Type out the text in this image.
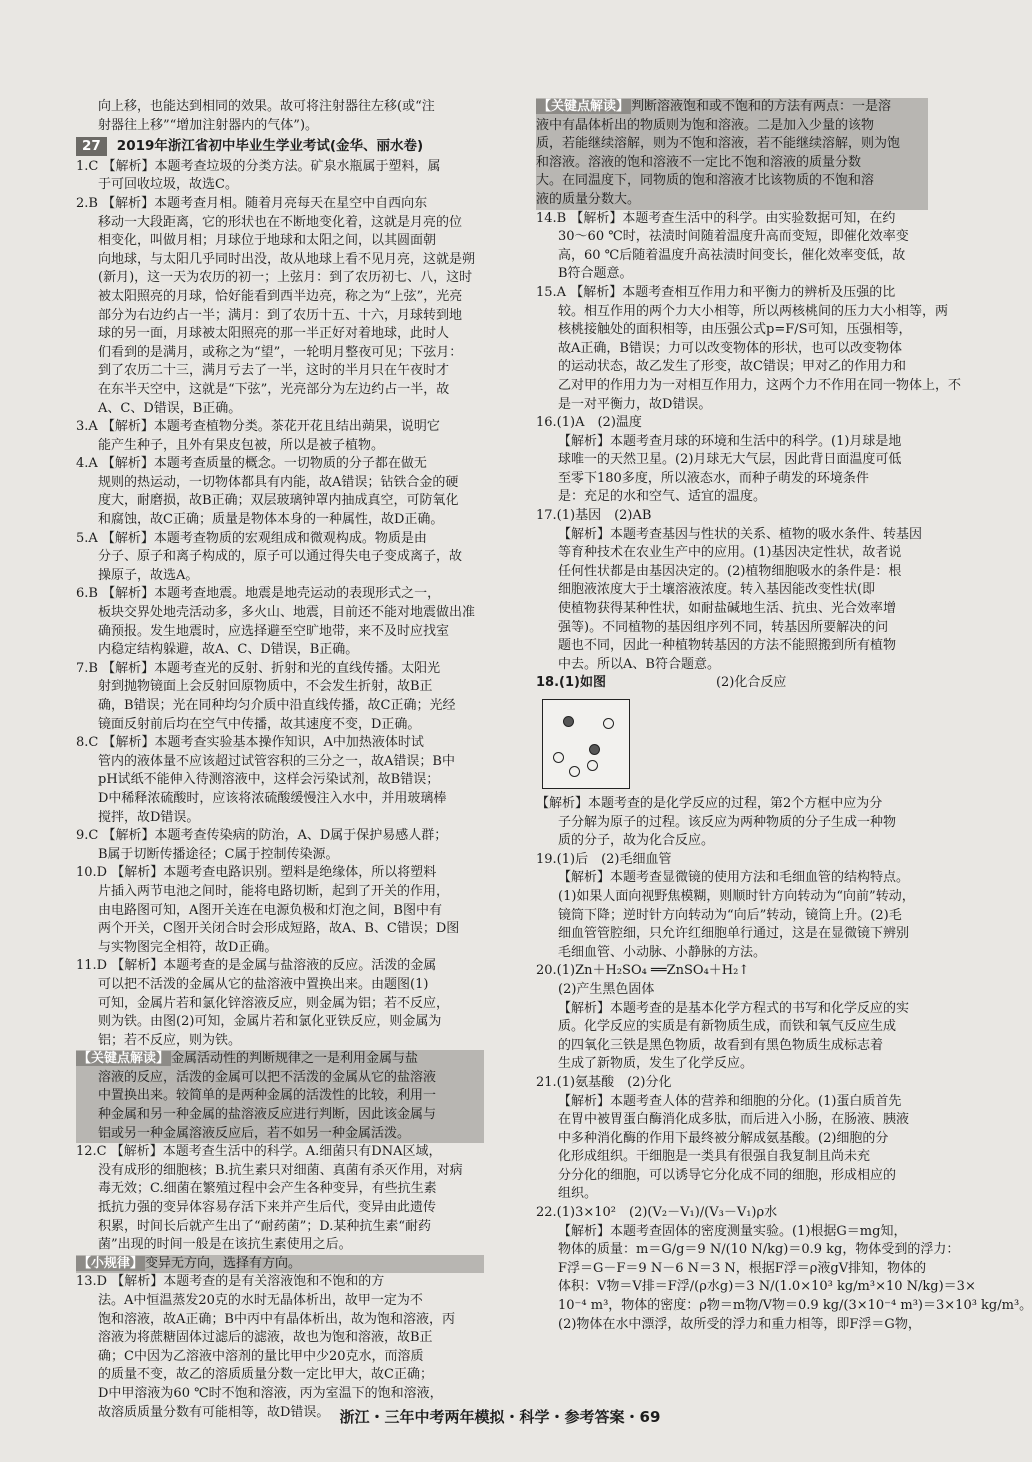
向上移，也能达到相同的效果。故可将注射器往左移(或“注
射器往上移”“增加注射器内的气体”)。
27 2019年浙江省初中毕业生学业考试(金华、丽水卷)
1.C 【解析】本题考查垃圾的分类方法。矿泉水瓶属于塑料，属
于可回收垃圾，故选C。
2.B 【解析】本题考查月相。随着月亮每天在星空中自西向东
移动一大段距离，它的形状也在不断地变化着，这就是月亮的位
相变化，叫做月相；月球位于地球和太阳之间，以其圆面朝
向地球，与太阳几乎同时出没，故从地球上看不见月亮，这就是朔
(新月)，这一天为农历的初一；上弦月：到了农历初七、八，这时
被太阳照亮的月球，恰好能看到西半边亮，称之为“上弦”，光亮
部分为右边约占一半；满月：到了农历十五、十六，月球转到地
球的另一面，月球被太阳照亮的那一半正好对着地球，此时人
们看到的是满月，或称之为“望”，一轮明月整夜可见；下弦月：
到了农历二十三，满月亏去了一半，这时的半月只在午夜时才
在东半天空中，这就是“下弦”，光亮部分为左边约占一半，故
A、C、D错误，B正确。
3.A 【解析】本题考查植物分类。茶花开花且结出蒴果，说明它
能产生种子，且外有果皮包被，所以是被子植物。
4.A 【解析】本题考查质量的概念。一切物质的分子都在做无
规则的热运动，一切物体都具有内能，故A错误；钻铁合金的硬
度大，耐磨损，故B正确；双层玻璃钟罩内抽成真空，可防氧化
和腐蚀，故C正确；质量是物体本身的一种属性，故D正确。
5.A 【解析】本题考查物质的宏观组成和微观构成。物质是由
分子、原子和离子构成的，原子可以通过得失电子变成离子，故
操原子，故选A。
6.B 【解析】本题考查地震。地震是地壳运动的表现形式之一，
板块交界处地壳活动多，多火山、地震，目前还不能对地震做出准
确预报。发生地震时，应选择避至空旷地带，来不及时应找室
内稳定结构躲避，故A、C、D错误，B正确。
7.B 【解析】本题考查光的反射、折射和光的直线传播。太阳光
射到抛物镜面上会反射回原物质中，不会发生折射，故B正
确，B错误；光在同种均匀介质中沿直线传播，故C正确；光经
镜面反射前后均在空气中传播，故其速度不变，D正确。
8.C 【解析】本题考查实验基本操作知识，A中加热液体时试
管内的液体量不应该超过试管容积的三分之一，故A错误；B中
pH试纸不能伸入待测溶液中，这样会污染试剂，故B错误；
D中稀释浓硫酸时，应该将浓硫酸缓慢注入水中，并用玻璃棒
搅拌，故D错误。
9.C 【解析】本题考查传染病的防治，A、D属于保护易感人群；
B属于切断传播途径；C属于控制传染源。
10.D 【解析】本题考查电路识别。塑料是绝缘体，所以将塑料
片插入两节电池之间时，能将电路切断，起到了开关的作用，
由电路图可知，A图开关连在电源负极和灯泡之间，B图中有
两个开关，C图开关闭合时会形成短路，故A、B、C错误；D图
与实物图完全相符，故D正确。
11.D 【解析】本题考查的是金属与盐溶液的反应。活泼的金属
可以把不活泼的金属从它的盐溶液中置换出来。由题图(1)
可知，金属片若和氯化锌溶液反应，则金属为铝；若不反应，
则为铁。由图(2)可知，金属片若和氯化亚铁反应，则金属为
铝；若不反应，则为铁。
【关键点解读】 金属活动性的判断规律之一是利用金属与盐
溶液的反应，活泼的金属可以把不活泼的金属从它的盐溶液
中置换出来。较简单的是两种金属的活泼性的比较，利用一
种金属和另一种金属的盐溶液反应进行判断，因此该金属与
铝或另一种金属溶液反应后，若不如另一种金属活泼。
12.C 【解析】本题考查生活中的科学。A.细菌只有DNA区域，
没有成形的细胞核；B.抗生素只对细菌、真菌有杀灭作用，对病
毒无效；C.细菌在繁殖过程中会产生各种变异，有些抗生素
抵抗力强的变异体容易存活下来并产生后代，变异由此遗传
积累，时间长后就产生出了“耐药菌”；D.某种抗生素“耐药
菌”出现的时间一般是在该抗生素使用之后。
【小规律】 变异无方向，选择有方向。
13.D 【解析】本题考查的是有关溶液饱和不饱和的方
法。A中恒温蒸发20克的水时无晶体析出，故甲一定为不
饱和溶液，故A正确；B中丙中有晶体析出，故为饱和溶液，丙
溶液为将蔗糖固体过滤后的滤液，故也为饱和溶液，故B正
确；C中因为乙溶液中溶剂的量比甲中少20克水，而溶质
的质量不变，故乙的溶质质量分数一定比甲大，故C正确；
D中甲溶液为60 ℃时不饱和溶液，丙为室温下的饱和溶液，
故溶质质量分数有可能相等，故D错误。
【关键点解读】 判断溶液饱和或不饱和的方法有两点：一是溶
液中有晶体析出的物质则为饱和溶液。二是加入少量的该物
质，若能继续溶解，则为不饱和溶液，若不能继续溶解，则为饱
和溶液。溶液的饱和溶液不一定比不饱和溶液的质量分数
大。在同温度下，同物质的饱和溶液才比该物质的不饱和溶
液的质量分数大。
14.B 【解析】本题考查生活中的科学。由实验数据可知，在约
30～60 ℃时，祛渍时间随着温度升高而变短，即催化效率变
高，60 ℃后随着温度升高祛渍时间变长，催化效率变低，故
B符合题意。
15.A 【解析】本题考查相互作用力和平衡力的辨析及压强的比
较。相互作用的两个力大小相等，所以两核桃间的压力大小相等，两
核桃接触处的面积相等，由压强公式p=F/S可知，压强相等，
故A正确，B错误；力可以改变物体的形状，也可以改变物体
的运动状态，故乙发生了形变，故C错误；甲对乙的作用力和
乙对甲的作用力为一对相互作用力，这两个力不作用在同一物体上，不
是一对平衡力，故D错误。
16.(1)A　(2)温度
【解析】本题考查月球的环境和生活中的科学。(1)月球是地
球唯一的天然卫星。(2)月球无大气层，因此背日面温度可低
至零下180多度，所以液态水，而种子萌发的环境条件
是：充足的水和空气、适宜的温度。
17.(1)基因　(2)AB
【解析】本题考查基因与性状的关系、植物的吸水条件、转基因
等育种技术在农业生产中的应用。(1)基因决定性状，故者说
任何性状都是由基因决定的。(2)植物细胞吸水的条件是：根
细胞液浓度大于土壤溶液浓度。转入基因能改变性状(即
使植物获得某种性状，如耐盐碱地生活、抗虫、光合效率增
强等)。不同植物的基因组序列不同，转基因所要解决的问
题也不同，因此一种植物转基因的方法不能照搬到所有植物
中去。所以A、B符合题意。
18.(1)如图	(2)化合反应
【解析】本题考查的是化学反应的过程，第2个方框中应为分
子分解为原子的过程。该反应为两种物质的分子生成一种物
质的分子，故为化合反应。
19.(1)后　(2)毛细血管
【解析】本题考查显微镜的使用方法和毛细血管的结构特点。
(1)如果人面向视野焦模糊，则顺时针方向转动为“向前”转动，
镜筒下降；逆时针方向转动为“向后”转动，镜筒上升。(2)毛
细血管管腔细，只允许红细胞单行通过，这是在显微镜下辨别
毛细血管、小动脉、小静脉的方法。
20.(1)Zn＋H₂SO₄ ══ZnSO₄＋H₂↑
(2)产生黑色固体
【解析】本题考查的是基本化学方程式的书写和化学反应的实
质。化学反应的实质是有新物质生成，而铁和氧气反应生成
的四氧化三铁是黑色物质，故看到有黑色物质生成标志着
生成了新物质，发生了化学反应。
21.(1)氨基酸　(2)分化
【解析】本题考查人体的营养和细胞的分化。(1)蛋白质首先
在胃中被胃蛋白酶消化成多肽，而后进入小肠，在肠液、胰液
中多种消化酶的作用下最终被分解成氨基酸。(2)细胞的分
化形成组织。干细胞是一类具有很强自我复制且尚未充
分分化的细胞，可以诱导它分化成不同的细胞，形成相应的
组织。
22.(1)3×10²　(2)(V₂－V₁)/(V₃－V₁)ρ水
【解析】本题考查固体的密度测量实验。(1)根据G＝mg知，
物体的质量：m＝G/g＝9 N/(10 N/kg)＝0.9 kg，物体受到的浮力：
F浮＝G－F＝9 N－6 N＝3 N，根据F浮＝ρ液gV排知，物体的
体积：V物＝V排＝F浮/(ρ水g)＝3 N/(1.0×10³ kg/m³×10 N/kg)＝3×
10⁻⁴ m³，物体的密度：ρ物＝m物/V物＝0.9 kg/(3×10⁻⁴ m³)＝3×10³ kg/m³。
(2)物体在水中漂浮，故所受的浮力和重力相等，即F浮＝G物，
浙江・三年中考两年模拟・科学・参考答案・69
